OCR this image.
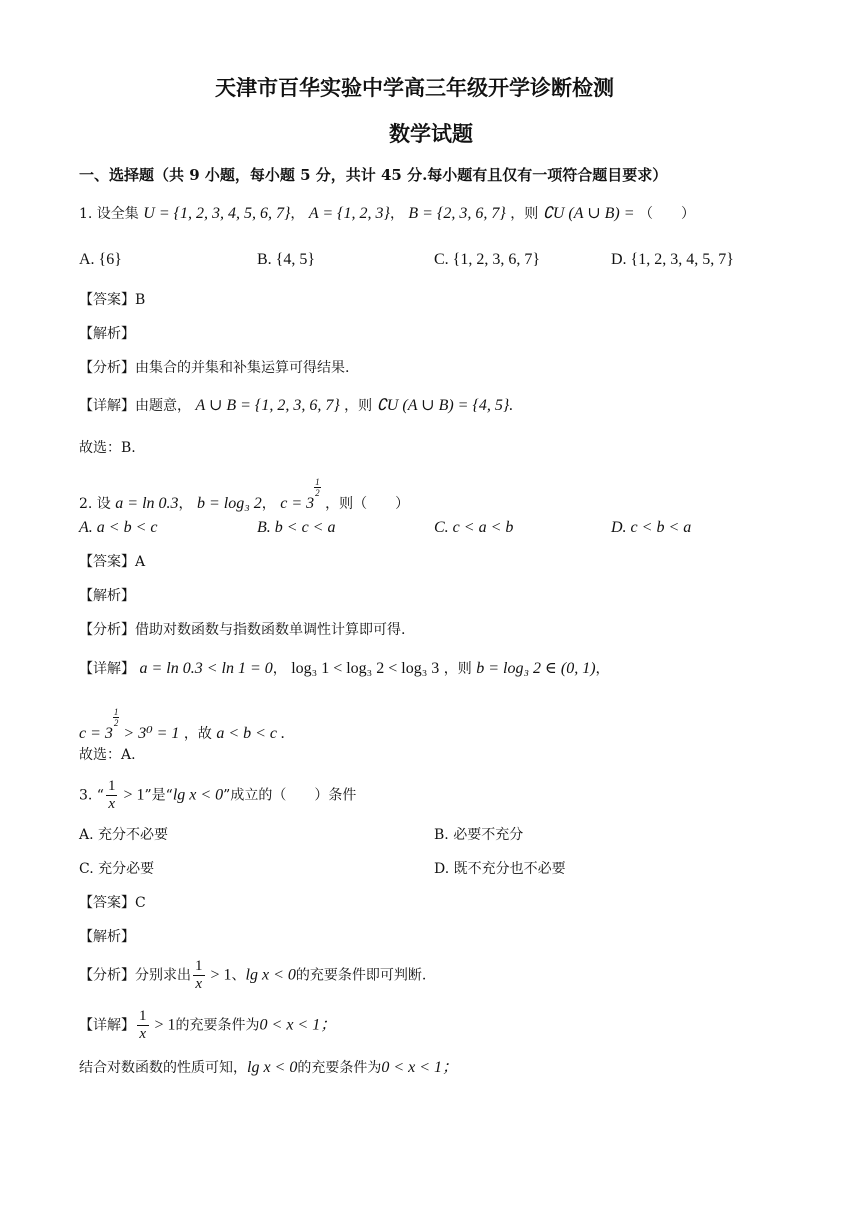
天津市百华实验中学高三年级开学诊断检测
数学试题
一、选择题（共 9 小题，每小题 5 分，共计 45 分.每小题有且仅有一项符合题目要求）
1. 设全集 U = {1, 2, 3, 4, 5, 6, 7}， A = {1, 2, 3}， B = {2, 3, 6, 7} ，则 ∁U (A ∪ B) = （　　）
A. {6}	B. {4, 5}	C. {1, 2, 3, 6, 7}	D. {1, 2, 3, 4, 5, 7}
【答案】B
【解析】
【分析】由集合的并集和补集运算可得结果.
【详解】由题意， A ∪ B = {1, 2, 3, 6, 7} ，则 ∁U (A ∪ B) = {4, 5}.
故选：B.
2. 设 a = ln 0.3， b = log₃ 2， c = 3
$\frac{1}{2}$
，则（　　）
A. a < b < c	B. b < c < a	C. c < a < b	D. c < b < a
【答案】A
【解析】
【分析】借助对数函数与指数函数单调性计算即可得.
【详解】 a = ln 0.3 < ln 1 = 0， log₃ 1 < log₃ 2 < log₃ 3 ，则 b = log₃ 2 ∈ (0, 1)，
c = 3
$\frac{1}{2}$
> 3⁰ = 1 ，故 a < b < c .
故选：A.
3. “ $\frac{1}{x} > 1$”是“lg x < 0”成立的（　　）条件
A. 充分不必要	B. 必要不充分
C. 充分必要	D. 既不充分也不必要
【答案】C
【解析】
【分析】分别求出 $\frac{1}{x} > 1$、lg x < 0的充要条件即可判断.
【详解】 $\frac{1}{x} > 1$的充要条件为0 < x < 1；
结合对数函数的性质可知，lg x < 0的充要条件为0 < x < 1；
